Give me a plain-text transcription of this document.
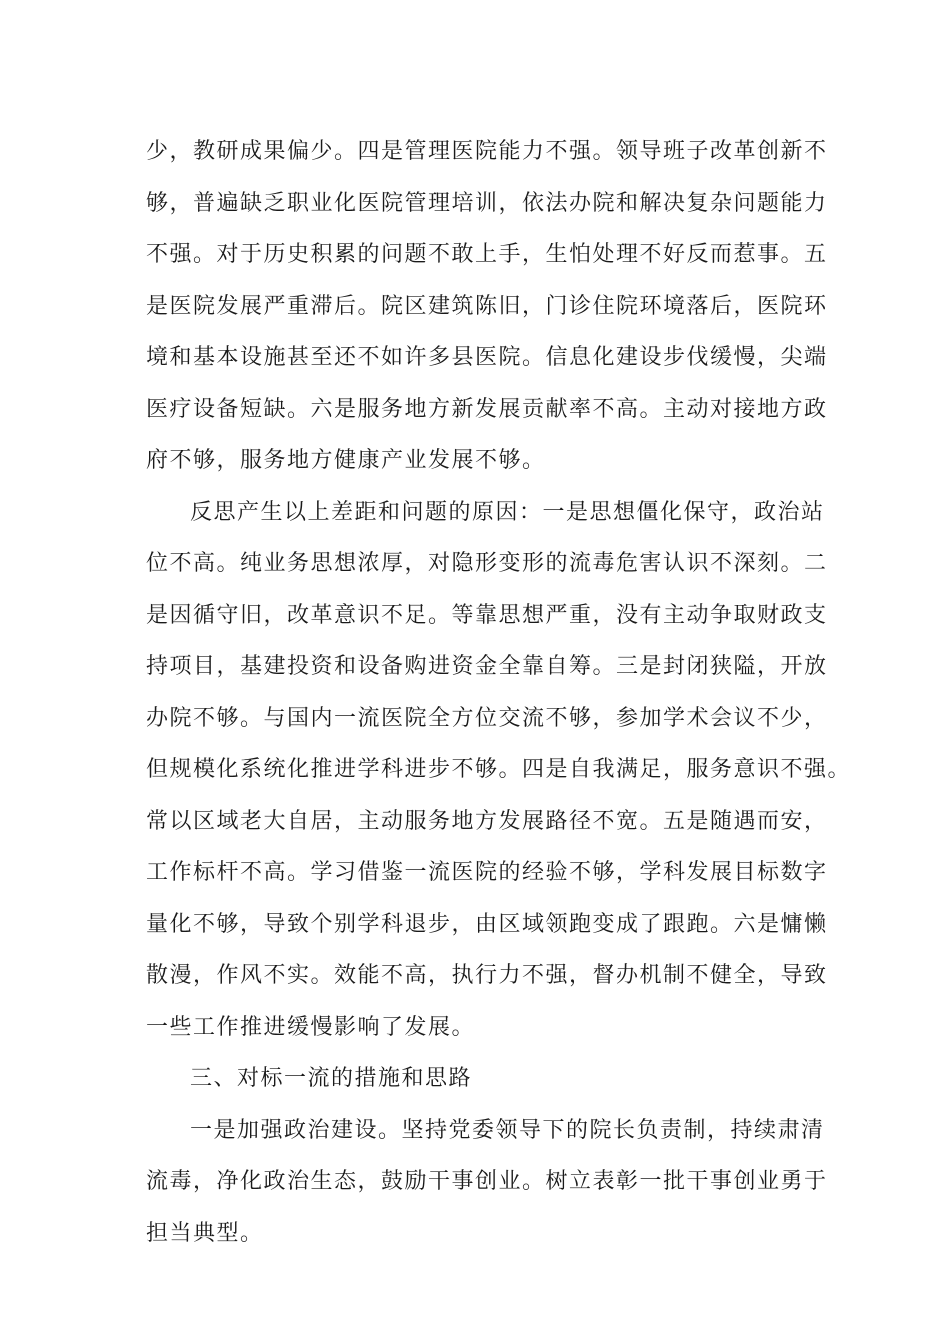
少，教研成果偏少。四是管理医院能力不强。领导班子改革创新不
够，普遍缺乏职业化医院管理培训，依法办院和解决复杂问题能力
不强。对于历史积累的问题不敢上手，生怕处理不好反而惹事。五
是医院发展严重滞后。院区建筑陈旧，门诊住院环境落后，医院环
境和基本设施甚至还不如许多县医院。信息化建设步伐缓慢，尖端
医疗设备短缺。六是服务地方新发展贡献率不高。主动对接地方政
府不够，服务地方健康产业发展不够。
反思产生以上差距和问题的原因：一是思想僵化保守，政治站
位不高。纯业务思想浓厚，对隐形变形的流毒危害认识不深刻。二
是因循守旧，改革意识不足。等靠思想严重，没有主动争取财政支
持项目，基建投资和设备购进资金全靠自筹。三是封闭狭隘，开放
办院不够。与国内一流医院全方位交流不够，参加学术会议不少，
但规模化系统化推进学科进步不够。四是自我满足，服务意识不强。
常以区域老大自居，主动服务地方发展路径不宽。五是随遇而安，
工作标杆不高。学习借鉴一流医院的经验不够，学科发展目标数字
量化不够，导致个别学科退步，由区域领跑变成了跟跑。六是慵懒
散漫，作风不实。效能不高，执行力不强，督办机制不健全，导致
一些工作推进缓慢影响了发展。
三、对标一流的措施和思路
一是加强政治建设。坚持党委领导下的院长负责制，持续肃清
流毒，净化政治生态，鼓励干事创业。树立表彰一批干事创业勇于
担当典型。
